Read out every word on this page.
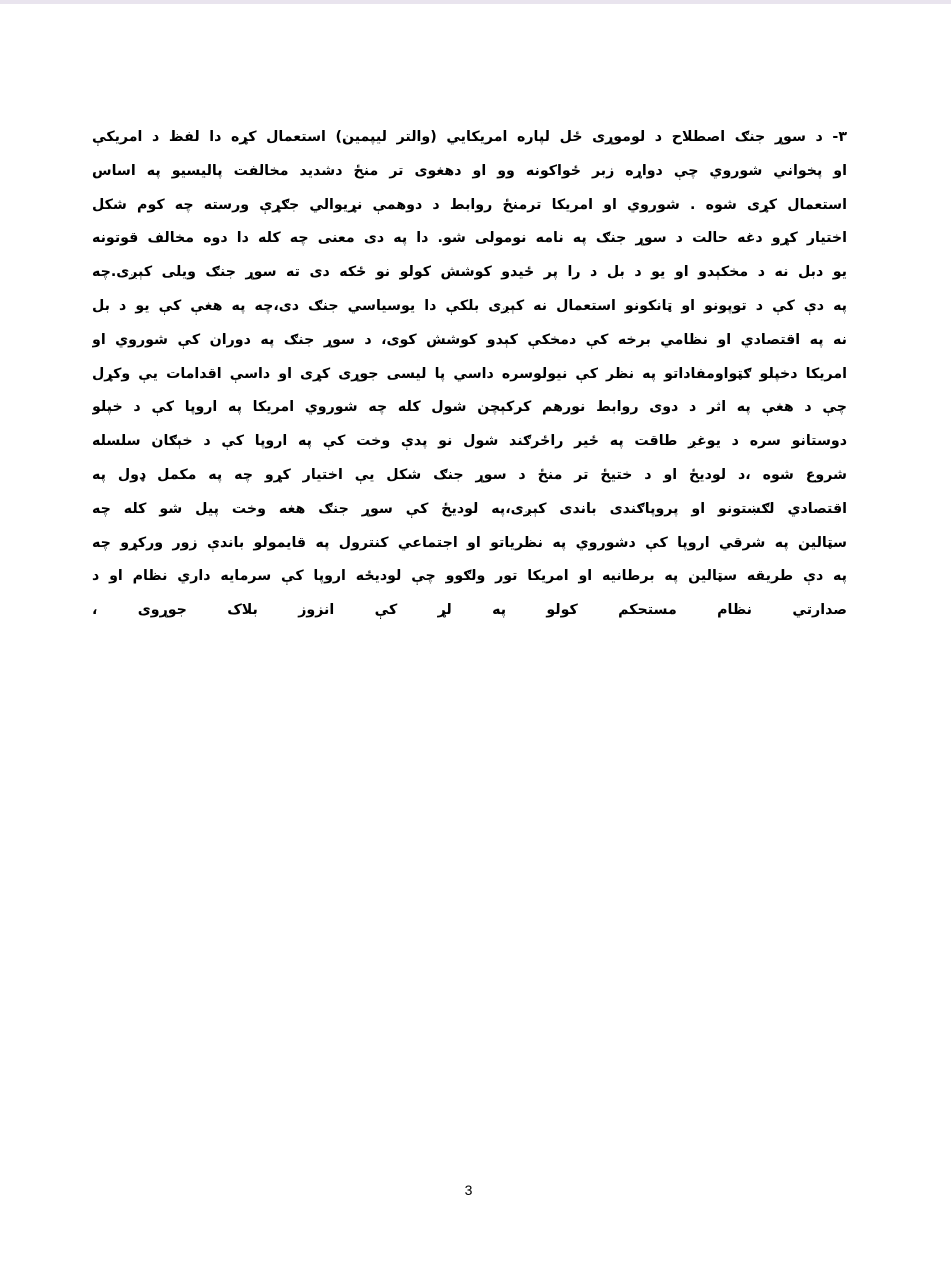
۳- د سوړ جنګ اصطلاح د لوموړی ځل لپاره امریکایي (والتر لیپمین) استعمال کړه دا لفظ د امریکې
او پخواني شوروي چې دواړه زبر ځواکونه وو او دهغوی تر منځ دشدید مخالفت پالیسیو په اساس
استعمال کړی شوه . شوروي او امریکا ترمنځ روابط د دوهمې نړیوالي جګړې ورسته چه کوم شکل
اختیار کړو دغه حالت د سوړ جنګ په نامه نومولی شو. دا په دی معنی چه کله دا دوه مخالف قوتونه
یو دبل نه د مخکېدو او یو د بل د را پر ځیدو کوشش کولو نو ځکه دی ته سوړ جنګ ویلی کېږی.چه
په دې کې د توپونو او ټانکونو استعمال نه کېږی بلکې دا یوسیاسي جنګ دی،چه په هغې کې یو د بل
نه په اقتصادي او نظامي برخه کې دمخکې کېدو کوشش کوی، د سوړ جنګ په دوران کې شوروي او
امریکا دخپلو ګټواومفاداتو په نظر کې نیولوسره داسي پا لیسی جوړی کړی او داسې اقدامات یې وکړل
چې د هغې په اثر د دوی روابط نورهم کرکېچن شول کله چه شوروي امریکا په اروپا کې د خپلو
دوستانو سره د یوغږ طاقت په ځیر راځرګند شول نو پدې وخت کې په اروپا کې د خېګان سلسله
شروع شوه ،د لودیځ او د ختیځ تر منځ د سوړ جنګ شکل یې اختیار کړو چه په مکمل ډول په
اقتصادي لګښتونو او پروپاګندی باندی کېږی،په لودیځ کې سوړ جنګ هغه وخت پیل شو کله چه
سټالین په شرقي اروپا کې دشوروي په نظریاتو او اجتماعي کنترول په قایمولو باندې زور ورکړو چه
په دې طریقه سټالین په برطانیه او امریکا تور ولګوو چې لودیځه اروپا کې سرمایه داري نظام او د
صدارتي نظام مستحکم کولو په لړ کې انزوز بلاک جوړوی ،
3
